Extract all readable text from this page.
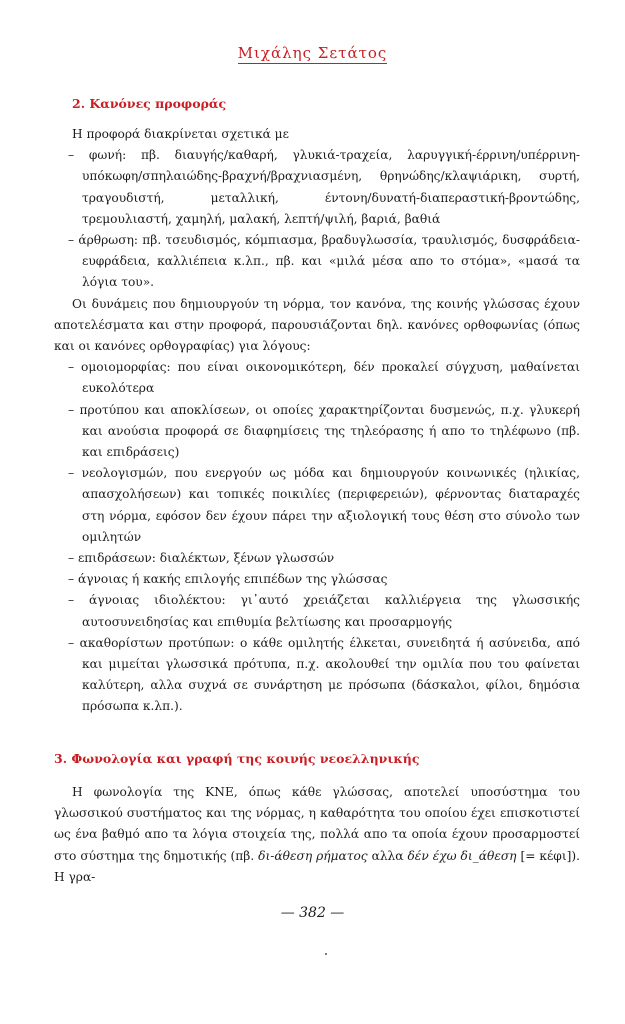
Μιχάλης Σετάτος
2. Κανόνες προφοράς

Η προφορά διακρίνεται σχετικά με

– φωνή: πβ. διαυγής/καθαρή, γλυκιά-τραχεία, λαρυγγική-έρρινη/υπέρρινη-υπόκωφη/σπηλαιώδης-βραχνή/βραχνιασμένη, θρηνώδης/κλαψιάρικη, συρτή, τραγουδιστή, μεταλλική, έντονη/δυνατή-διαπεραστική-βροντώδης, τρεμουλιαστή, χαμηλή, μαλακή, λεπτή/ψιλή, βαριά, βαθιά

– άρθρωση: πβ. τσευδισμός, κόμπιασμα, βραδυγλωσσία, τραυλισμός, δυσφράδεια-ευφράδεια, καλλιέπεια κ.λπ., πβ. και «μιλά μέσα απο το στόμα», «μασά τα λόγια του».

Οι δυνάμεις που δημιουργούν τη νόρμα, τον κανόνα, της κοινής γλώσσας έχουν αποτελέσματα και στην προφορά, παρουσιάζονται δηλ. κανόνες ορθοφωνίας (όπως και οι κανόνες ορθογραφίας) για λόγους:

– ομοιομορφίας: που είναι οικονομικότερη, δέν προκαλεί σύγχυση, μαθαίνεται ευκολότερα

– προτύπου και αποκλίσεων, οι οποίες χαρακτηρίζονται δυσμενώς, π.χ. γλυκερή και ανούσια προφορά σε διαφημίσεις της τηλεόρασης ή απο το τηλέφωνο (πβ. και επιδράσεις)

– νεολογισμών, που ενεργούν ως μόδα και δημιουργούν κοινωνικές (ηλικίας, απασχολήσεων) και τοπικές ποικιλίες (περιφερειών), φέρνοντας διαταραχές στη νόρμα, εφόσον δεν έχουν πάρει την αξιολογική τους θέση στο σύνολο των ομιλητών

– επιδράσεων: διαλέκτων, ξένων γλωσσών

– άγνοιας ή κακής επιλογής επιπέδων της γλώσσας

– άγνοιας ιδιολέκτου: γι᾽αυτό χρειάζεται καλλιέργεια της γλωσσικής αυτοσυνειδησίας και επιθυμία βελτίωσης και προσαρμογής

– ακαθορίστων προτύπων: ο κάθε ομιλητής έλκεται, συνειδητά ή ασύνειδα, από και μιμείται γλωσσικά πρότυπα, π.χ. ακολουθεί την ομιλία που του φαίνεται καλύτερη, αλλα συχνά σε συνάρτηση με πρόσωπα (δάσκαλοι, φίλοι, δημόσια πρόσωπα κ.λπ.).

3. Φωνολογία και γραφή της κοινής νεοελληνικής

Η φωνολογία της ΚΝΕ, όπως κάθε γλώσσας, αποτελεί υποσύστημα του γλωσσικού συστήματος και της νόρμας, η καθαρότητα του οποίου έχει επισκοτιστεί ως ένα βαθμό απο τα λόγια στοιχεία της, πολλά απο τα οποία έχουν προσαρμοστεί στο σύστημα της δημοτικής (πβ. δι-άθεση ρήματος αλλα δέν έχω δι_άθεση [= κέφι]). Η γρα-

— 382 —
